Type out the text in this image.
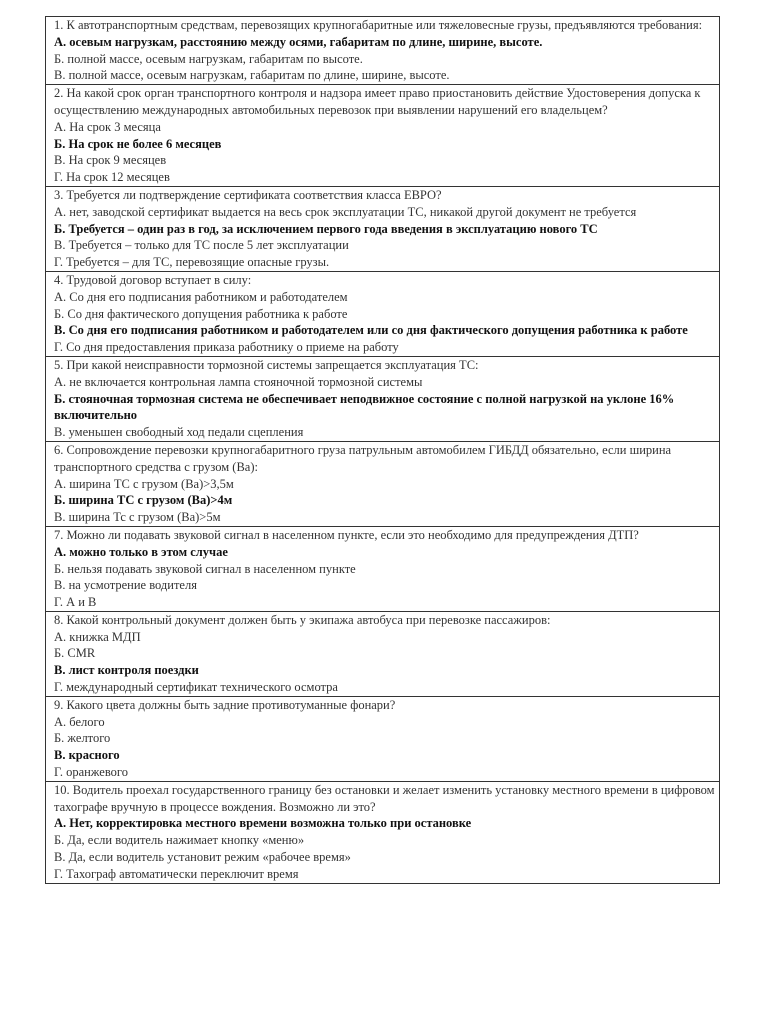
1. К автотранспортным средствам, перевозящих крупногабаритные или тяжеловесные грузы, предъявляются требования:
А. осевым нагрузкам, расстоянию между осями, габаритам по длине, ширине, высоте.
Б. полной массе, осевым нагрузкам, габаритам по высоте.
В. полной массе, осевым нагрузкам, габаритам по длине, ширине, высоте.

2. На какой срок орган транспортного контроля и надзора имеет право приостановить действие Удостоверения допуска к осуществлению международных автомобильных перевозок при выявлении нарушений его владельцем?
А. На срок 3 месяца
Б. На срок не более 6 месяцев
В. На срок 9 месяцев
Г. На срок 12 месяцев

3. Требуется ли подтверждение сертификата соответствия класса ЕВРО?
А. нет, заводской сертификат выдается на весь срок эксплуатации ТС, никакой другой документ не требуется
Б. Требуется – один раз в год, за исключением первого года введения в эксплуатацию нового ТС
В. Требуется – только для ТС после 5 лет эксплуатации
Г. Требуется – для ТС, перевозящие опасные грузы.

4. Трудовой договор вступает в силу:
А. Со дня его подписания работником и работодателем
Б. Со дня фактического допущения работника к работе
В. Со дня его подписания работником и работодателем или со дня фактического допущения работника к работе
Г. Со дня предоставления приказа работнику о приеме на работу

5. При какой неисправности тормозной системы запрещается эксплуатация ТС:
А. не включается контрольная лампа стояночной тормозной системы
Б. стояночная тормозная система не обеспечивает неподвижное состояние с полной нагрузкой на уклоне 16% включительно
В. уменьшен свободный ход педали сцепления

6. Сопровождение перевозки крупногабаритного груза патрульным автомобилем ГИБДД обязательно, если ширина транспортного средства с грузом (Ва):
А. ширина ТС с грузом (Ва)>3,5м
Б. ширина ТС с грузом (Ва)>4м
В. ширина Тс с грузом (Ва)>5м

7. Можно ли подавать звуковой сигнал в населенном пункте, если это необходимо для предупреждения ДТП?
А. можно только в этом случае
Б. нельзя подавать звуковой сигнал в населенном пункте
В. на усмотрение водителя
Г. А и В

8. Какой контрольный документ должен быть у экипажа автобуса при перевозке пассажиров:
А. книжка МДП
Б. CMR
В. лист контроля поездки
Г. международный сертификат технического осмотра

9. Какого цвета должны быть задние противотуманные фонари?
А. белого
Б. желтого
В. красного
Г. оранжевого

10. Водитель проехал государственного границу без остановки и желает изменить установку местного времени в цифровом тахографе вручную в процессе вождения. Возможно ли это?
А. Нет, корректировка местного времени возможна только при остановке
Б. Да, если водитель нажимает кнопку «меню»
В. Да, если водитель установит режим «рабочее время»
Г. Тахограф автоматически переключит время
